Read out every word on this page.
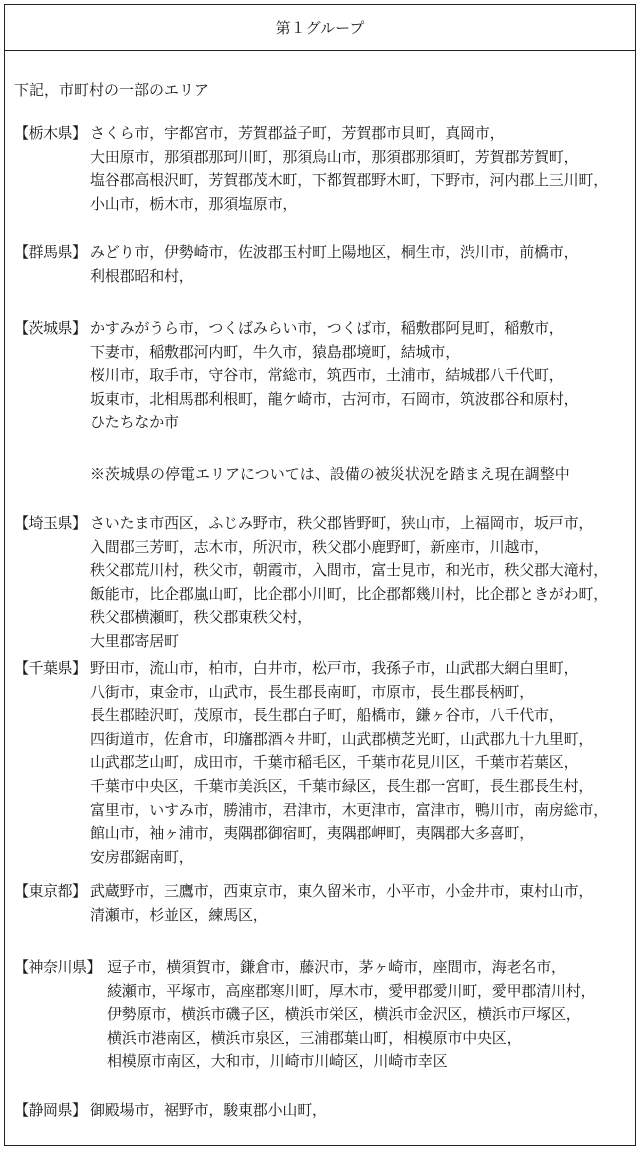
第１グループ
下記，市町村の一部のエリア
【栃木県】 さくら市，宇都宮市，芳賀郡益子町，芳賀郡市貝町，真岡市，
大田原市，那須郡那珂川町，那須烏山市，那須郡那須町，芳賀郡芳賀町，
塩谷郡高根沢町，芳賀郡茂木町，下都賀郡野木町，下野市，河内郡上三川町，
小山市，栃木市，那須塩原市，
【群馬県】 みどり市，伊勢崎市，佐波郡玉村町上陽地区，桐生市，渋川市，前橋市，
利根郡昭和村，
【茨城県】 かすみがうら市，つくばみらい市，つくば市，稲敷郡阿見町，稲敷市，
下妻市，稲敷郡河内町，牛久市，猿島郡境町，結城市，
桜川市，取手市，守谷市，常総市，筑西市，土浦市，結城郡八千代町，
坂東市，北相馬郡利根町，龍ケ崎市，古河市，石岡市，筑波郡谷和原村，
ひたちなか市
※茨城県の停電エリアについては、設備の被災状況を踏まえ現在調整中
【埼玉県】 さいたま市西区，ふじみ野市，秩父郡皆野町，狭山市，上福岡市，坂戸市，
入間郡三芳町，志木市，所沢市，秩父郡小鹿野町，新座市，川越市，
秩父郡荒川村，秩父市，朝霞市，入間市，富士見市，和光市，秩父郡大滝村，
飯能市，比企郡嵐山町，比企郡小川町，比企郡都幾川村，比企郡ときがわ町，
秩父郡横瀬町，秩父郡東秩父村，
大里郡寄居町
【千葉県】 野田市，流山市，柏市，白井市，松戸市，我孫子市，山武郡大網白里町，
八街市，東金市，山武市，長生郡長南町，市原市，長生郡長柄町，
長生郡睦沢町，茂原市，長生郡白子町，船橋市，鎌ヶ谷市，八千代市，
四街道市，佐倉市，印旛郡酒々井町，山武郡横芝光町，山武郡九十九里町，
山武郡芝山町，成田市，千葉市稲毛区，千葉市花見川区，千葉市若葉区，
千葉市中央区，千葉市美浜区，千葉市緑区，長生郡一宮町，長生郡長生村，
富里市，いすみ市，勝浦市，君津市，木更津市，富津市，鴨川市，南房総市，
館山市，袖ヶ浦市，夷隅郡御宿町，夷隅郡岬町，夷隅郡大多喜町，
安房郡鋸南町，
【東京都】 武蔵野市，三鷹市，西東京市，東久留米市，小平市，小金井市，東村山市，
清瀬市，杉並区，練馬区，
【神奈川県】 逗子市，横須賀市，鎌倉市，藤沢市，茅ヶ崎市，座間市，海老名市，
綾瀬市，平塚市，高座郡寒川町，厚木市，愛甲郡愛川町，愛甲郡清川村，
伊勢原市，横浜市磯子区，横浜市栄区，横浜市金沢区，横浜市戸塚区，
横浜市港南区，横浜市泉区，三浦郡葉山町，相模原市中央区，
相模原市南区，大和市，川崎市川崎区，川崎市幸区
【静岡県】 御殿場市，裾野市，駿東郡小山町，
